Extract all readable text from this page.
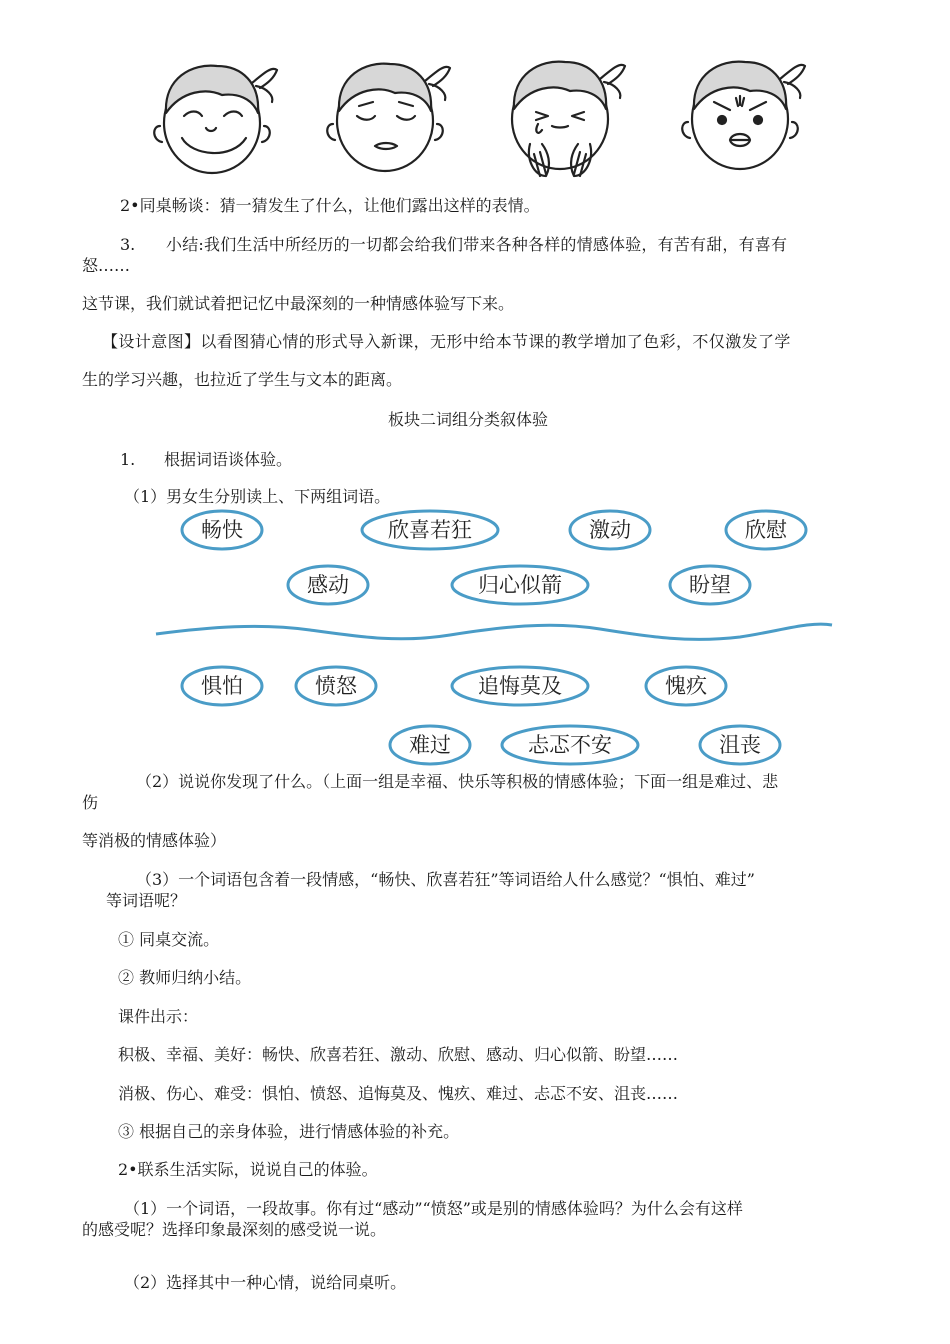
2•同桌畅谈：猜一猜发生了什么，让他们露出这样的表情。
3. 小结:我们生活中所经历的一切都会给我们带来各种各样的情感体验，有苦有甜，有喜有
怒……
这节课，我们就试着把记忆中最深刻的一种情感体验写下来。
【设计意图】以看图猜心情的形式导入新课，无形中给本节课的教学增加了色彩，不仅激发了学
生的学习兴趣，也拉近了学生与文本的距离。
板块二词组分类叙体验
1. 根据词语谈体验。
（1）男女生分别读上、下两组词语。
畅快	欣喜若狂	激动	欣慰
感动	归心似箭	盼望
惧怕	愤怒	追悔莫及	愧疚
难过	忐忑不安	沮丧
（2）说说你发现了什么。（上面一组是幸福、快乐等积极的情感体验；下面一组是难过、悲
伤
等消极的情感体验）
（3）一个词语包含着一段情感，“畅快、欣喜若狂”等词语给人什么感觉？“惧怕、难过”
等词语呢？
① 同桌交流。
② 教师归纳小结。
课件出示：
积极、幸福、美好：畅快、欣喜若狂、激动、欣慰、感动、归心似箭、盼望……
消极、伤心、难受：惧怕、愤怒、追悔莫及、愧疚、难过、忐忑不安、沮丧……
③ 根据自己的亲身体验，进行情感体验的补充。
2•联系生活实际，说说自己的体验。
（1）一个词语，一段故事。你有过“感动”“愤怒”或是别的情感体验吗？为什么会有这样
的感受呢？选择印象最深刻的感受说一说。
（2）选择其中一种心情，说给同桌听。
